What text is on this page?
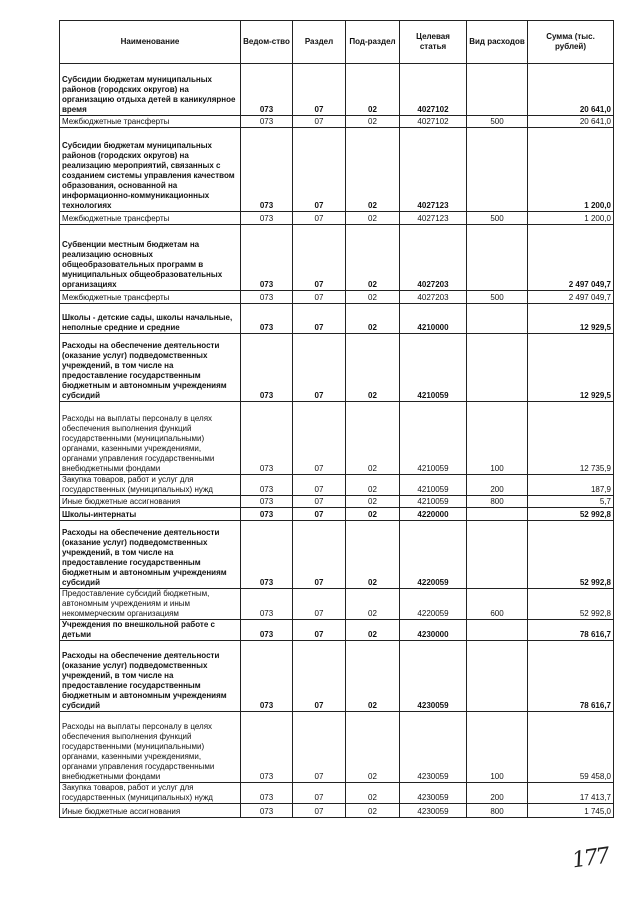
Наименование	Ведом-ство	Раздел	Под-раздел	Целевая статья	Вид расходов	Сумма (тыс. рублей)
Субсидии бюджетам муниципальных районов (городских округов) на организацию отдыха детей в каникулярное время	073	07	02	4027102		20 641,0
Межбюджетные трансферты	073	07	02	4027102	500	20 641,0
Субсидии бюджетам муниципальных районов (городских округов) на реализацию мероприятий, связанных с созданием системы управления качеством образования, основанной на информационно-коммуникационных технологиях	073	07	02	4027123		1 200,0
Межбюджетные трансферты	073	07	02	4027123	500	1 200,0
Субвенции местным бюджетам на реализацию основных общеобразовательных программ в муниципальных общеобразовательных организациях	073	07	02	4027203		2 497 049,7
Межбюджетные трансферты	073	07	02	4027203	500	2 497 049,7
Школы - детские сады, школы начальные, неполные средние и средние	073	07	02	4210000		12 929,5
Расходы на обеспечение деятельности (оказание услуг) подведомственных учреждений, в том числе на предоставление государственным бюджетным и автономным учреждениям субсидий	073	07	02	4210059		12 929,5
Расходы на выплаты персоналу в целях обеспечения выполнения функций государственными (муниципальными) органами, казенными учреждениями, органами управления государственными внебюджетными фондами	073	07	02	4210059	100	12 735,9
Закупка товаров, работ и услуг для государственных (муниципальных) нужд	073	07	02	4210059	200	187,9
Иные бюджетные ассигнования	073	07	02	4210059	800	5,7
Школы-интернаты	073	07	02	4220000		52 992,8
Расходы на обеспечение деятельности (оказание услуг) подведомственных учреждений, в том числе на предоставление государственным бюджетным и автономным учреждениям субсидий	073	07	02	4220059		52 992,8
Предоставление субсидий бюджетным, автономным учреждениям и иным некоммерческим организациям	073	07	02	4220059	600	52 992,8
Учреждения по внешкольной работе с детьми	073	07	02	4230000		78 616,7
Расходы на обеспечение деятельности (оказание услуг) подведомственных учреждений, в том числе на предоставление государственным бюджетным и автономным учреждениям субсидий	073	07	02	4230059		78 616,7
Расходы на выплаты персоналу в целях обеспечения выполнения функций государственными (муниципальными) органами, казенными учреждениями, органами управления государственными внебюджетными фондами	073	07	02	4230059	100	59 458,0
Закупка товаров, работ и услуг для государственных (муниципальных) нужд	073	07	02	4230059	200	17 413,7
Иные бюджетные ассигнования	073	07	02	4230059	800	1 745,0
177
